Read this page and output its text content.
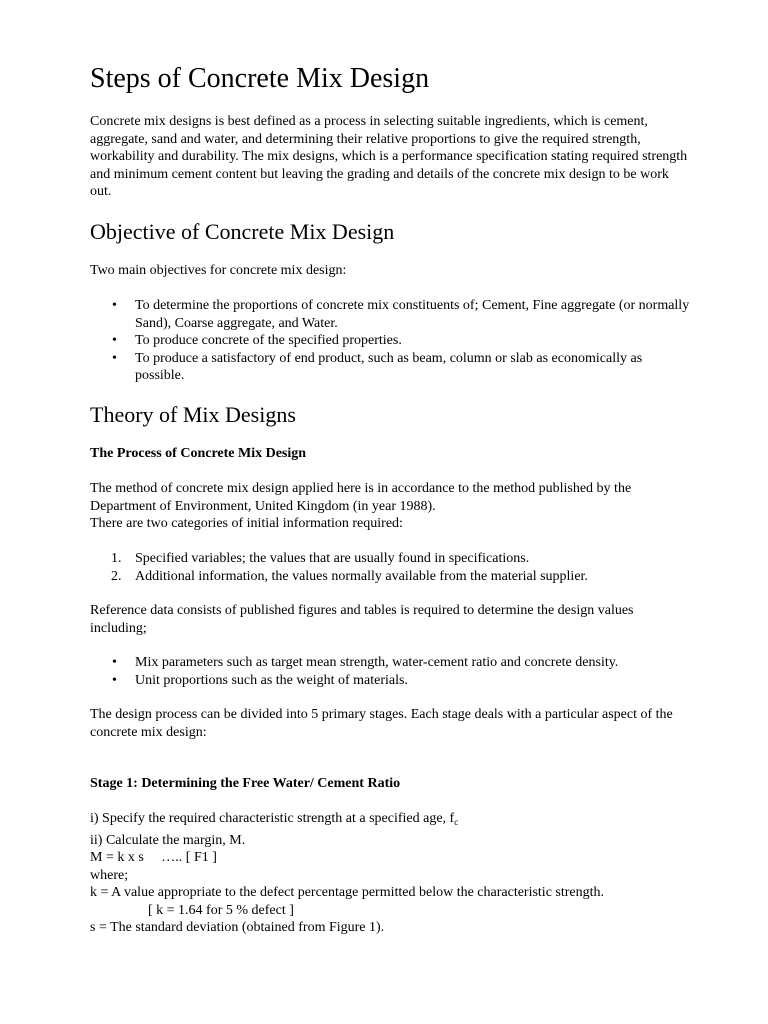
Steps of Concrete Mix Design

Concrete mix designs is best defined as a process in selecting suitable ingredients, which is cement, aggregate, sand and water, and determining their relative proportions to give the required strength, workability and durability. The mix designs, which is a performance specification stating required strength and minimum cement content but leaving the grading and details of the concrete mix design to be work out.

Objective of Concrete Mix Design

Two main objectives for concrete mix design:

• To determine the proportions of concrete mix constituents of; Cement, Fine aggregate (or normally Sand), Coarse aggregate, and Water.
• To produce concrete of the specified properties.
• To produce a satisfactory of end product, such as beam, column or slab as economically as possible.
Theory of Mix Designs
The Process of Concrete Mix Design
The method of concrete mix design applied here is in accordance to the method published by the Department of Environment, United Kingdom (in year 1988).
There are two categories of initial information required:
1. Specified variables; the values that are usually found in specifications.
2. Additional information, the values normally available from the material supplier.

Reference data consists of published figures and tables is required to determine the design values including;

• Mix parameters such as target mean strength, water-cement ratio and concrete density.
• Unit proportions such as the weight of materials.

The design process can be divided into 5 primary stages. Each stage deals with a particular aspect of the concrete mix design:

Stage 1: Determining the Free Water/ Cement Ratio
i) Specify the required characteristic strength at a specified age, $f_c$
ii) Calculate the margin, M.
M = k x s     ….. [ F1 ]
where;
k = A value appropriate to the defect percentage permitted below the characteristic strength.
[ k = 1.64 for 5 % defect ]
s = The standard deviation (obtained from Figure 1).
